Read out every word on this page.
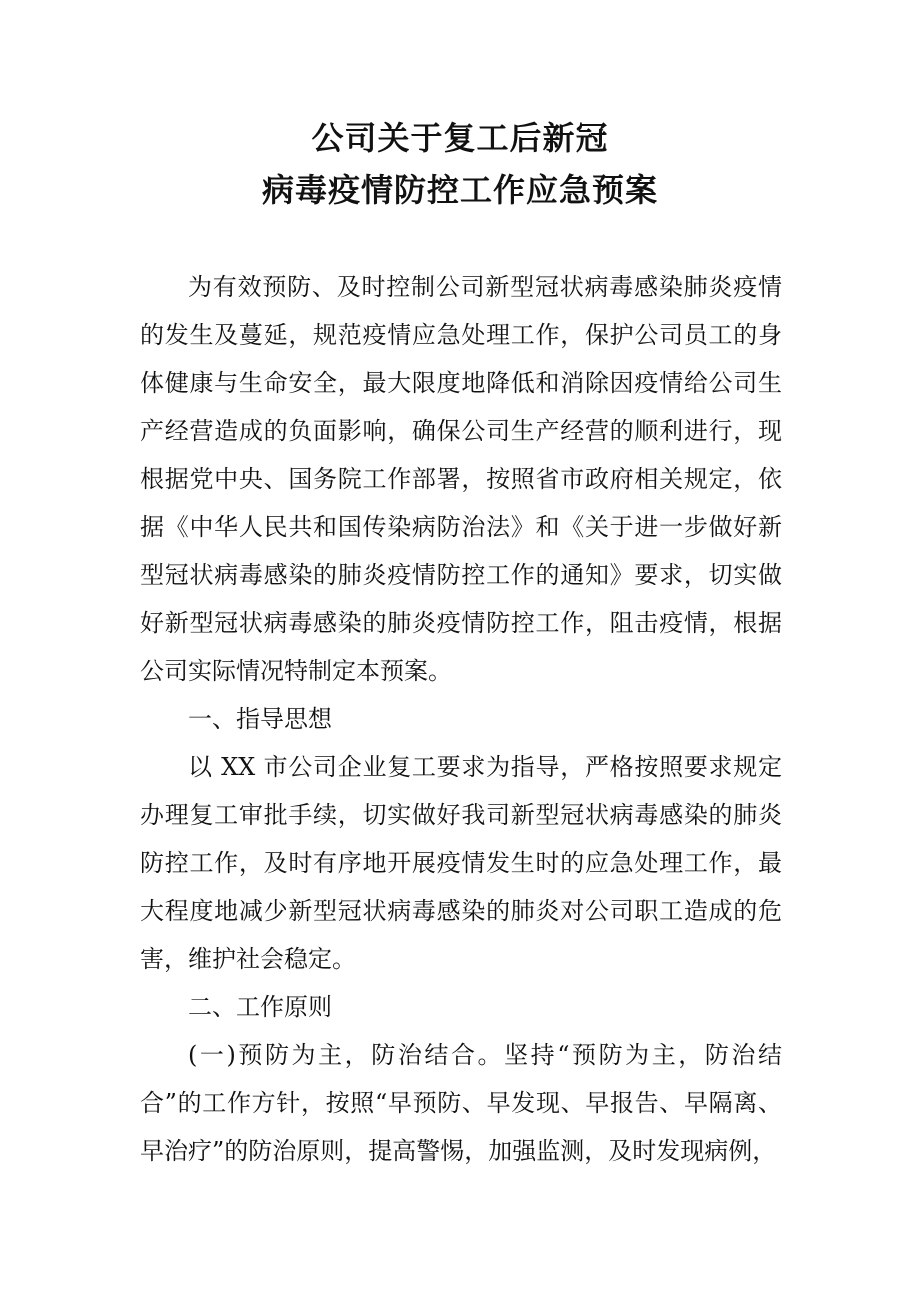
公司关于复工后新冠
病毒疫情防控工作应急预案

为有效预防、及时控制公司新型冠状病毒感染肺炎疫情的发生及蔓延，规范疫情应急处理工作，保护公司员工的身体健康与生命安全，最大限度地降低和消除因疫情给公司生产经营造成的负面影响，确保公司生产经营的顺利进行，现根据党中央、国务院工作部署，按照省市政府相关规定，依据《中华人民共和国传染病防治法》和《关于进一步做好新型冠状病毒感染的肺炎疫情防控工作的通知》要求，切实做好新型冠状病毒感染的肺炎疫情防控工作，阻击疫情，根据公司实际情况特制定本预案。

一、指导思想

以 XX 市公司企业复工要求为指导，严格按照要求规定办理复工审批手续，切实做好我司新型冠状病毒感染的肺炎防控工作，及时有序地开展疫情发生时的应急处理工作，最大程度地减少新型冠状病毒感染的肺炎对公司职工造成的危害，维护社会稳定。

二、工作原则

(一)预防为主，防治结合。坚持“预防为主，防治结合”的工作方针，按照“早预防、早发现、早报告、早隔离、早治疗”的防治原则，提高警惕，加强监测，及时发现病例，
